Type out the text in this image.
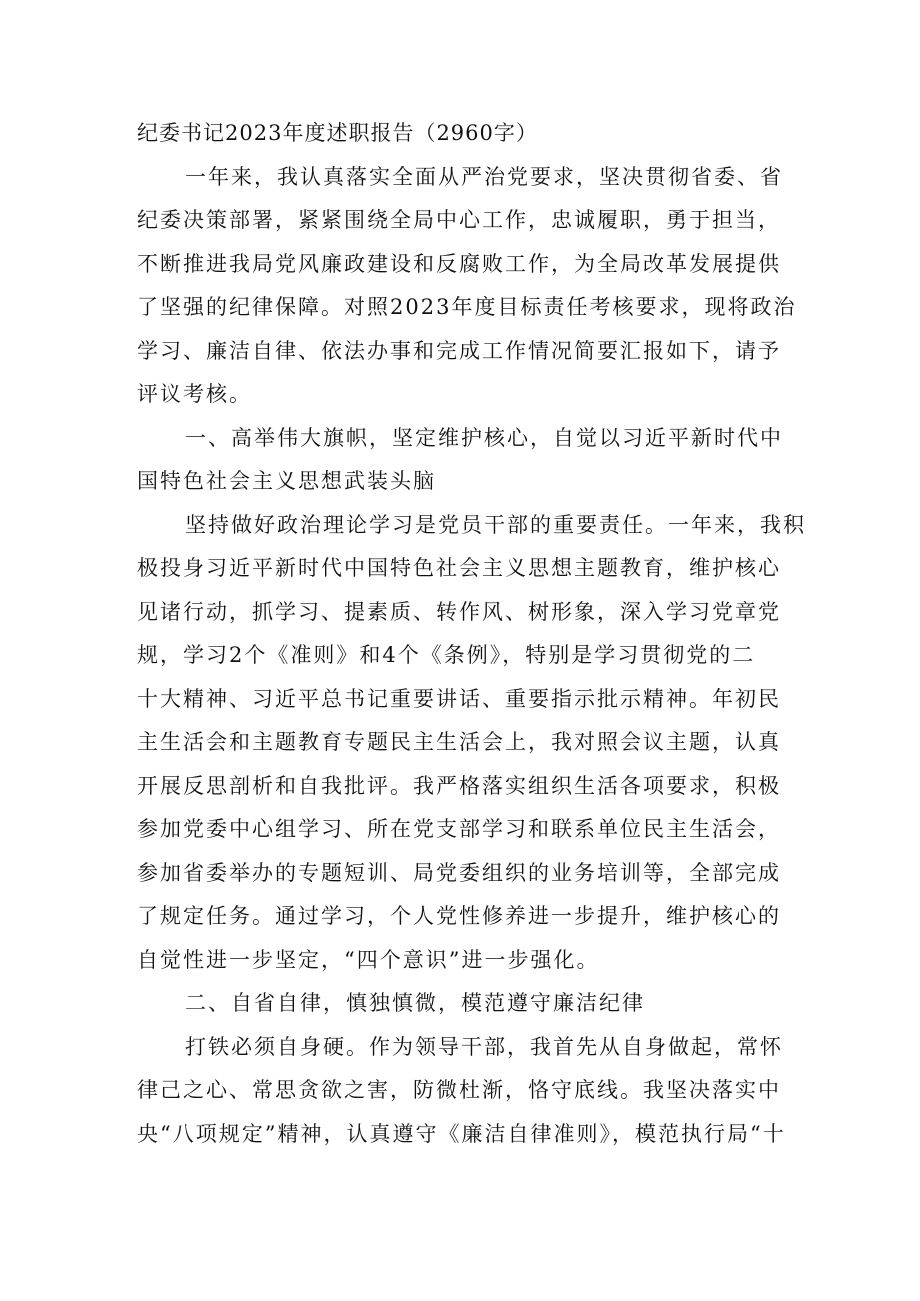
纪委书记2023年度述职报告（2960字）
一年来，我认真落实全面从严治党要求，坚决贯彻省委、省
纪委决策部署，紧紧围绕全局中心工作，忠诚履职，勇于担当，
不断推进我局党风廉政建设和反腐败工作，为全局改革发展提供
了坚强的纪律保障。对照2023年度目标责任考核要求，现将政治
学习、廉洁自律、依法办事和完成工作情况简要汇报如下，请予
评议考核。
一、高举伟大旗帜，坚定维护核心，自觉以习近平新时代中
国特色社会主义思想武装头脑
坚持做好政治理论学习是党员干部的重要责任。一年来，我积
极投身习近平新时代中国特色社会主义思想主题教育，维护核心
见诸行动，抓学习、提素质、转作风、树形象，深入学习党章党
规，学习2个《准则》和4个《条例》，特别是学习贯彻党的二
十大精神、习近平总书记重要讲话、重要指示批示精神。年初民
主生活会和主题教育专题民主生活会上，我对照会议主题，认真
开展反思剖析和自我批评。我严格落实组织生活各项要求，积极
参加党委中心组学习、所在党支部学习和联系单位民主生活会，
参加省委举办的专题短训、局党委组织的业务培训等，全部完成
了规定任务。通过学习，个人党性修养进一步提升，维护核心的
自觉性进一步坚定，“四个意识”进一步强化。
二、自省自律，慎独慎微，模范遵守廉洁纪律
打铁必须自身硬。作为领导干部，我首先从自身做起，常怀
律己之心、常思贪欲之害，防微杜渐，恪守底线。我坚决落实中
央“八项规定”精神，认真遵守《廉洁自律准则》，模范执行局“十
